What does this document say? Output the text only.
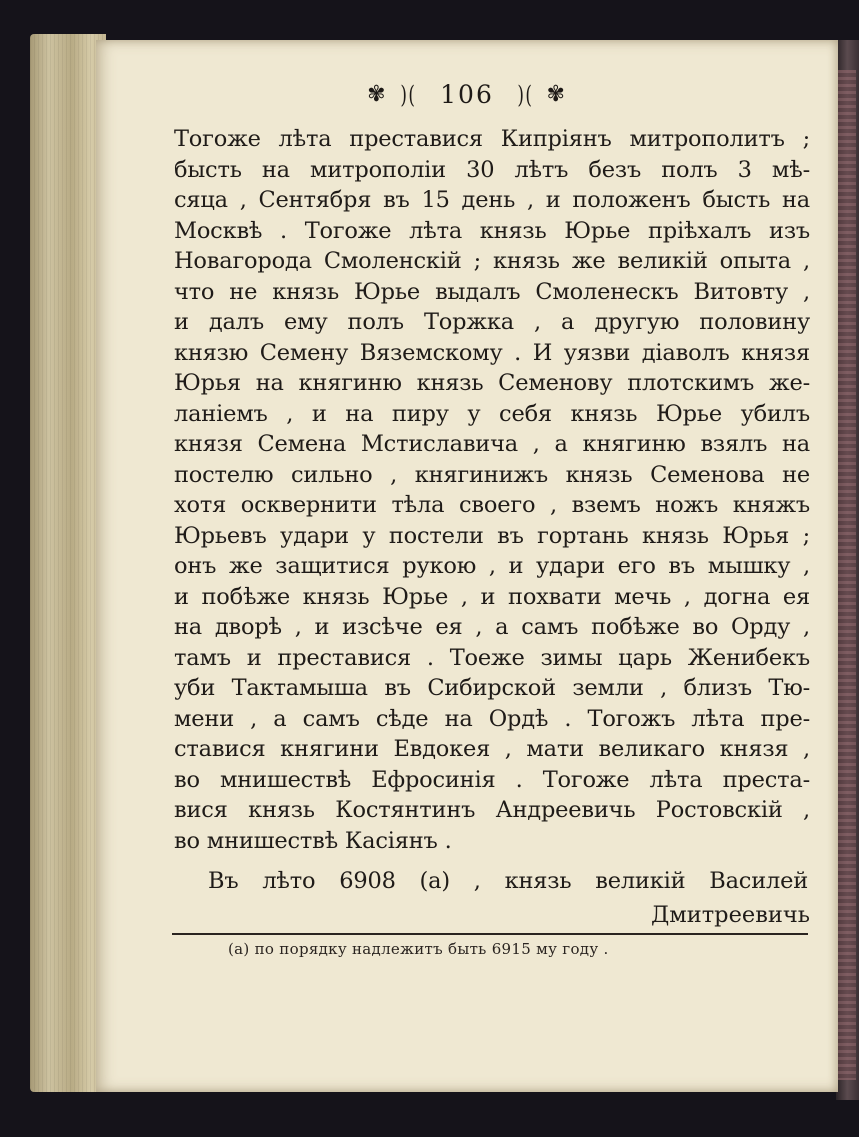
✾ )( 106 )( ✾
Тогоже лѣта преставися Кипріянъ митрополитъ ;
бысть на митрополіи 30 лѣтъ безъ полъ 3 мѣ-
сяца , Сентября въ 15 день , и положенъ бысть на
Москвѣ . Тогоже лѣта князь Юрье пріѣхалъ изъ
Новагорода Смоленскій ; князь же великій опыта ,
что не князь Юрье выдалъ Смоленескъ Витовту ,
и далъ ему полъ Торжка , а другую половину
князю Семену Вяземскому . И уязви діаволъ князя
Юрья на княгиню князь Семенову плотскимъ же-
ланіемъ , и на пиру у себя князь Юрье убилъ
князя Семена Мстиславича , а княгиню взялъ на
постелю сильно , княгинижъ князь Семенова не
хотя осквернити тѣла своего , вземъ ножъ княжъ
Юрьевъ удари у постели въ гортань князь Юрья ;
онъ же защитися рукою , и удари его въ мышку ,
и побѣже князь Юрье , и похвати мечь , догна ея
на дворѣ , и изсѣче ея , а самъ побѣже во Орду ,
тамъ и преставися . Тоеже зимы царь Женибекъ
уби Тактамыша въ Сибирской земли , близъ Тю-
мени , а самъ сѣде на Ордѣ . Тогожъ лѣта пре-
ставися княгини Евдокея , мати великаго князя ,
во мнишествѣ Ефросинія . Тогоже лѣта преста-
вися князь Костянтинъ Андреевичь Ростовскій ,
во мнишествѣ Касіянъ .
Въ лѣто 6908 (а) , князь великій Василей
Дмитреевичь
(а) по порядку надлежитъ быть 6915 му году .
